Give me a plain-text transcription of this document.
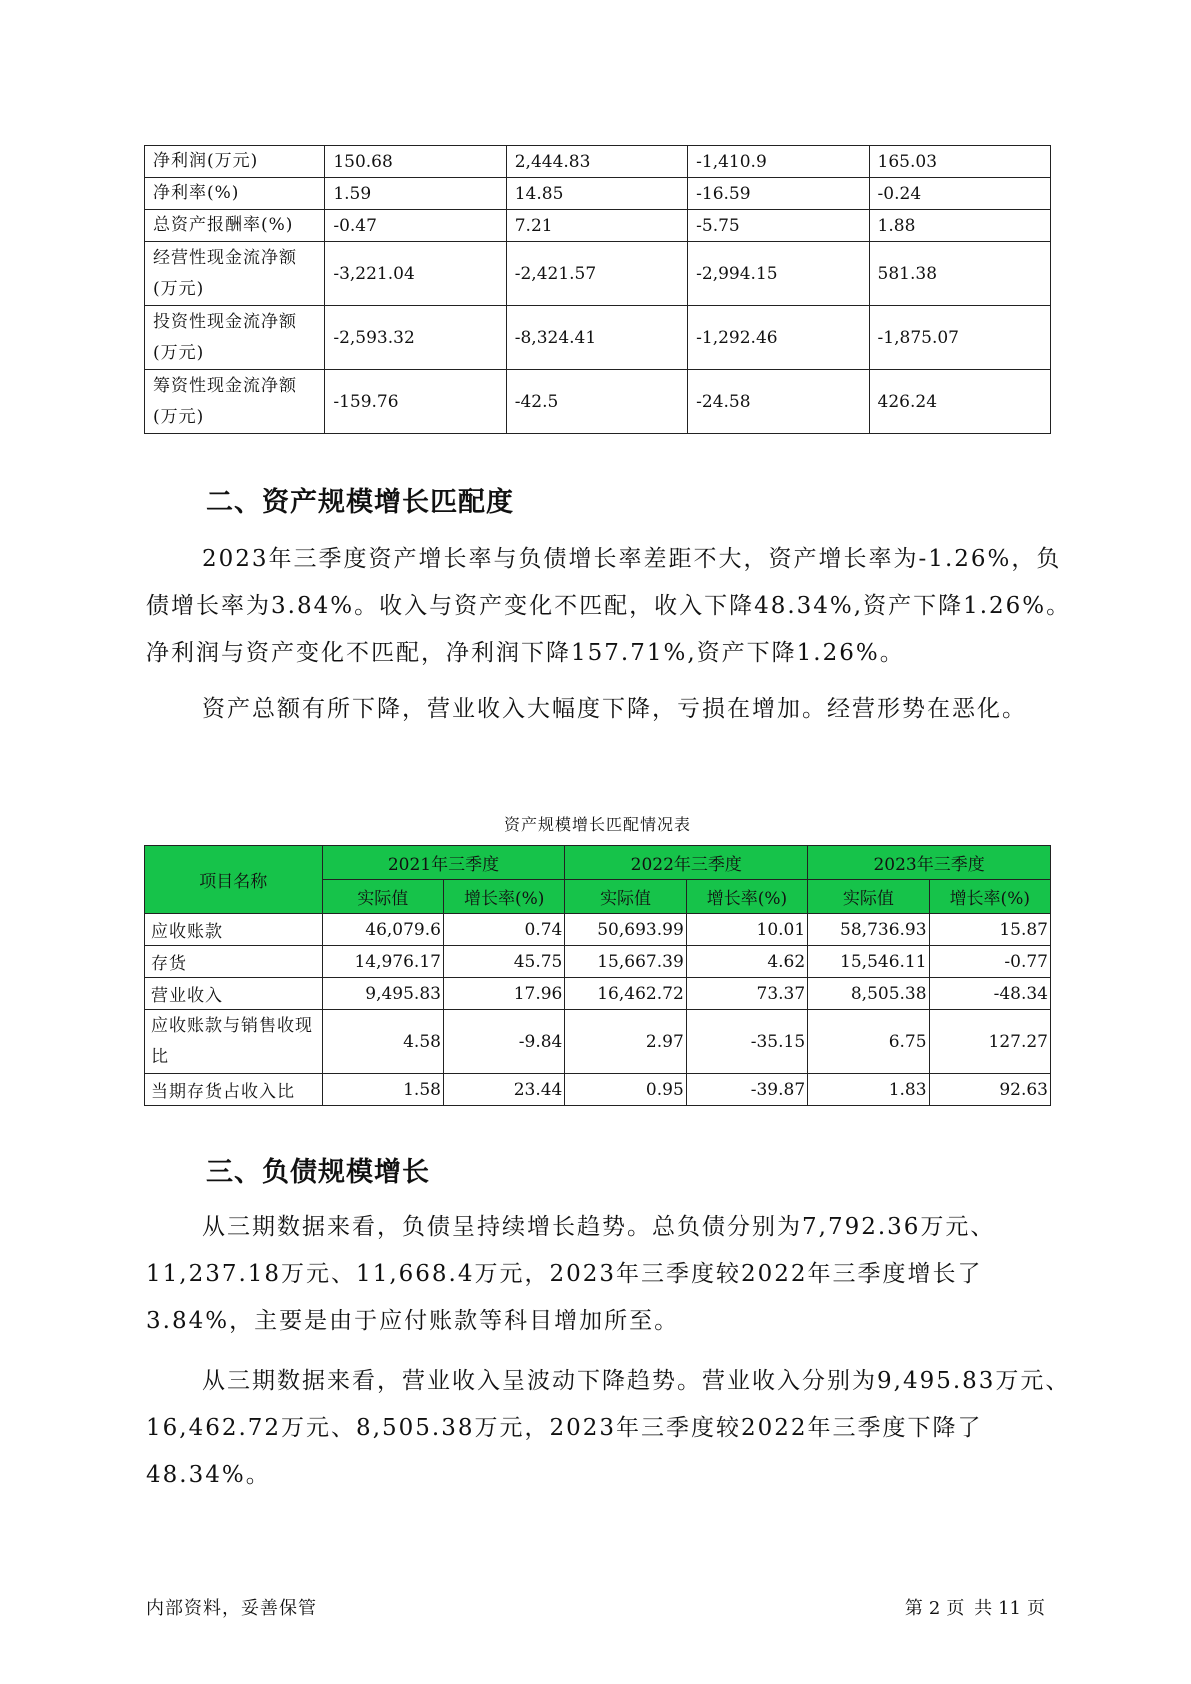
净利润(万元)	150.68	2,444.83	-1,410.9	165.03
净利率(%)	1.59	14.85	-16.59	-0.24
总资产报酬率(%)	-0.47	7.21	-5.75	1.88
经营性现金流净额(万元)	-3,221.04	-2,421.57	-2,994.15	581.38
投资性现金流净额(万元)	-2,593.32	-8,324.41	-1,292.46	-1,875.07
筹资性现金流净额(万元)	-159.76	-42.5	-24.58	426.24
二、资产规模增长匹配度

2023年三季度资产增长率与负债增长率差距不大，资产增长率为-1.26%，负债增长率为3.84%。收入与资产变化不匹配，收入下降48.34%,资产下降1.26%。净利润与资产变化不匹配，净利润下降157.71%,资产下降1.26%。

资产总额有所下降，营业收入大幅度下降，亏损在增加。经营形势在恶化。

资产规模增长匹配情况表

项目名称	2021年三季度		2022年三季度		2023年三季度	
	实际值	增长率(%)	实际值	增长率(%)	实际值	增长率(%)
应收账款	46,079.6	0.74	50,693.99	10.01	58,736.93	15.87
存货	14,976.17	45.75	15,667.39	4.62	15,546.11	-0.77
营业收入	9,495.83	17.96	16,462.72	73.37	8,505.38	-48.34
应收账款与销售收现比	4.58	-9.84	2.97	-35.15	6.75	127.27
当期存货占收入比	1.58	23.44	0.95	-39.87	1.83	92.63
三、负债规模增长

从三期数据来看，负债呈持续增长趋势。总负债分别为7,792.36万元、11,237.18万元、11,668.4万元，2023年三季度较2022年三季度增长了3.84%，主要是由于应付账款等科目增加所至。

从三期数据来看，营业收入呈波动下降趋势。营业收入分别为9,495.83万元、16,462.72万元、8,505.38万元，2023年三季度较2022年三季度下降了48.34%。

内部资料，妥善保管	第 2 页 共 11 页
